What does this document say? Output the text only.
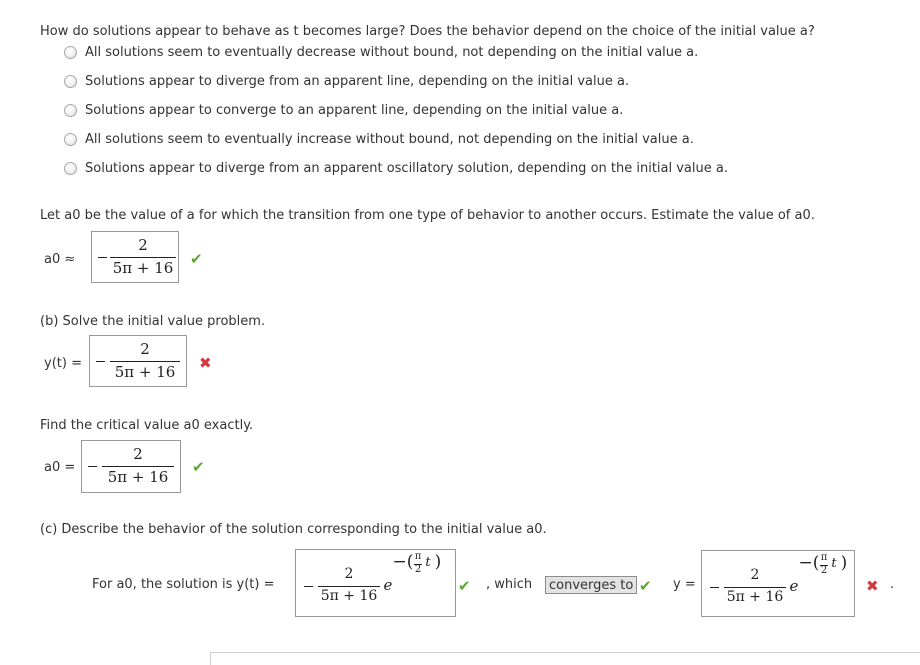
How do solutions appear to behave as t becomes large? Does the behavior depend on the choice of the initial value a?
All solutions seem to eventually decrease without bound, not depending on the initial value a.
Solutions appear to diverge from an apparent line, depending on the initial value a.
Solutions appear to converge to an apparent line, depending on the initial value a.
All solutions seem to eventually increase without bound, not depending on the initial value a.
Solutions appear to diverge from an apparent oscillatory solution, depending on the initial value a.
Let a0 be the value of a for which the transition from one type of behavior to another occurs. Estimate the value of a0.
a0 ≈
2
5π + 16 ✔
(b) Solve the initial value problem.
y(t) =
2
5π + 16	✖
Find the critical value a0 exactly.
a0 =
2
5π + 16
✔
(c) Describe the behavior of the solution corresponding to the initial value a0.
For a0, the solution is y(t) =
2
5π + 16
e
−( π
2 t )
✔ , which	converges to ✔ y =
2
5π + 16
e
−( π
2 t )
✖ .
